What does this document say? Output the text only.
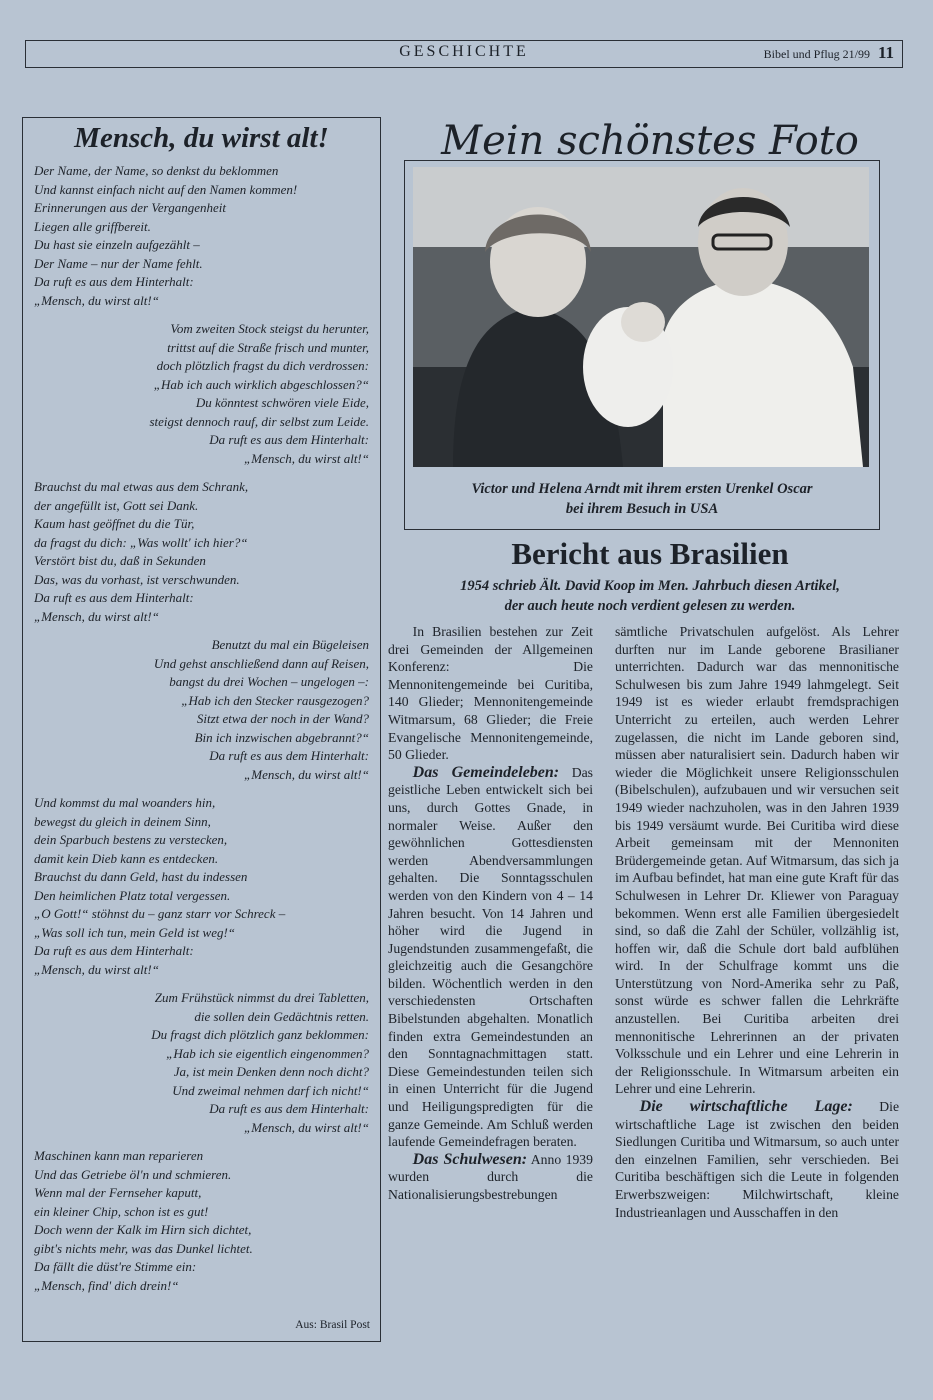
GESCHICHTE	Bibel und Pflug 21/99 11
Mensch, du wirst alt!
Der Name, der Name, so denkst du beklommen
Und kannst einfach nicht auf den Namen kommen!
Erinnerungen aus der Vergangenheit
Liegen alle griffbereit.
Du hast sie einzeln aufgezählt –
Der Name – nur der Name fehlt.
Da ruft es aus dem Hinterhalt:
„Mensch, du wirst alt!“
Vom zweiten Stock steigst du herunter,
trittst auf die Straße frisch und munter,
doch plötzlich fragst du dich verdrossen:
„Hab ich auch wirklich abgeschlossen?“
Du könntest schwören viele Eide,
steigst dennoch rauf, dir selbst zum Leide.
Da ruft es aus dem Hinterhalt:
„Mensch, du wirst alt!“
Brauchst du mal etwas aus dem Schrank,
der angefüllt ist, Gott sei Dank.
Kaum hast geöffnet du die Tür,
da fragst du dich: „Was wollt' ich hier?“
Verstört bist du, daß in Sekunden
Das, was du vorhast, ist verschwunden.
Da ruft es aus dem Hinterhalt:
„Mensch, du wirst alt!“
Benutzt du mal ein Bügeleisen
Und gehst anschließend dann auf Reisen,
bangst du drei Wochen – ungelogen –:
„Hab ich den Stecker rausgezogen?
Sitzt etwa der noch in der Wand?
Bin ich inzwischen abgebrannt?“
Da ruft es aus dem Hinterhalt:
„Mensch, du wirst alt!“
Und kommst du mal woanders hin,
bewegst du gleich in deinem Sinn,
dein Sparbuch bestens zu verstecken,
damit kein Dieb kann es entdecken.
Brauchst du dann Geld, hast du indessen
Den heimlichen Platz total vergessen.
„O Gott!“ stöhnst du – ganz starr vor Schreck –
„Was soll ich tun, mein Geld ist weg!“
Da ruft es aus dem Hinterhalt:
„Mensch, du wirst alt!“
Zum Frühstück nimmst du drei Tabletten,
die sollen dein Gedächtnis retten.
Du fragst dich plötzlich ganz beklommen:
„Hab ich sie eigentlich eingenommen?
Ja, ist mein Denken denn noch dicht?
Und zweimal nehmen darf ich nicht!“
Da ruft es aus dem Hinterhalt:
„Mensch, du wirst alt!“
Maschinen kann man reparieren
Und das Getriebe öl'n und schmieren.
Wenn mal der Fernseher kaputt,
ein kleiner Chip, schon ist es gut!
Doch wenn der Kalk im Hirn sich dichtet,
gibt's nichts mehr, was das Dunkel lichtet.
Da fällt die düst're Stimme ein:
„Mensch, find' dich drein!“
Aus: Brasil Post
Mein schönstes Foto
Victor und Helena Arndt mit ihrem ersten Urenkel Oscar
bei ihrem Besuch in USA
Bericht aus Brasilien
1954 schrieb Ält. David Koop im Men. Jahrbuch diesen Artikel,
der auch heute noch verdient gelesen zu werden.

In Brasilien bestehen zur Zeit drei Gemeinden der Allgemeinen Konferenz: Die Mennonitengemeinde bei Curitiba, 140 Glieder; Mennonitengemeinde Witmarsum, 68 Glieder; die Freie Evangelische Mennonitengemeinde, 50 Glieder.

Das Gemeindeleben: Das geistliche Leben entwickelt sich bei uns, durch Gottes Gnade, in normaler Weise. Außer den gewöhnlichen Gottesdiensten werden Abendversammlungen gehalten. Die Sonntagsschulen werden von den Kindern von 4 – 14 Jahren besucht. Von 14 Jahren und höher wird die Jugend in Jugendstunden zusammengefaßt, die gleichzeitig auch die Gesangchöre bilden. Wöchentlich werden in den verschiedensten Ortschaften Bibelstunden abgehalten. Monatlich finden extra Gemeindestunden an den Sonntagnachmittagen statt. Diese Gemeindestunden teilen sich in einen Unterricht für die Jugend und Heiligungspredigten für die ganze Gemeinde. Am Schluß werden laufende Gemeindefragen beraten.

Das Schulwesen: Anno 1939 wurden durch die Nationalisierungsbestrebungen

sämtliche Privatschulen aufgelöst. Als Lehrer durften nur im Lande geborene Brasilianer unterrichten. Dadurch war das mennonitische Schulwesen bis zum Jahre 1949 lahmgelegt. Seit 1949 ist es wieder erlaubt fremdsprachigen Unterricht zu erteilen, auch werden Lehrer zugelassen, die nicht im Lande geboren sind, müssen aber naturalisiert sein. Dadurch haben wir wieder die Möglichkeit unsere Religionsschulen (Bibelschulen), aufzubauen und wir versuchen seit 1949 wieder nachzuholen, was in den Jahren 1939 bis 1949 versäumt wurde. Bei Curitiba wird diese Arbeit gemeinsam mit der Mennoniten Brüdergemeinde getan. Auf Witmarsum, das sich ja im Aufbau befindet, hat man eine gute Kraft für das Schulwesen in Lehrer Dr. Kliewer von Paraguay bekommen. Wenn erst alle Familien übergesiedelt sind, so daß die Zahl der Schüler, vollzählig ist, hoffen wir, daß die Schule dort bald aufblühen wird. In der Schulfrage kommt uns die Unterstützung von Nord-Amerika sehr zu Paß, sonst würde es schwer fallen die Lehrkräfte anzustellen. Bei Curitiba arbeiten drei mennonitische Lehrerinnen an der privaten Volksschule und ein Lehrer und eine Lehrerin in der Religionsschule. In Witmarsum arbeiten ein Lehrer und eine Lehrerin.

Die wirtschaftliche Lage: Die wirtschaftliche Lage ist zwischen den beiden Siedlungen Curitiba und Witmarsum, so auch unter den einzelnen Familien, sehr verschieden. Bei Curitiba beschäftigen sich die Leute in folgenden Erwerbszweigen: Milchwirtschaft, kleine Industrieanlagen und Ausschaffen in den
